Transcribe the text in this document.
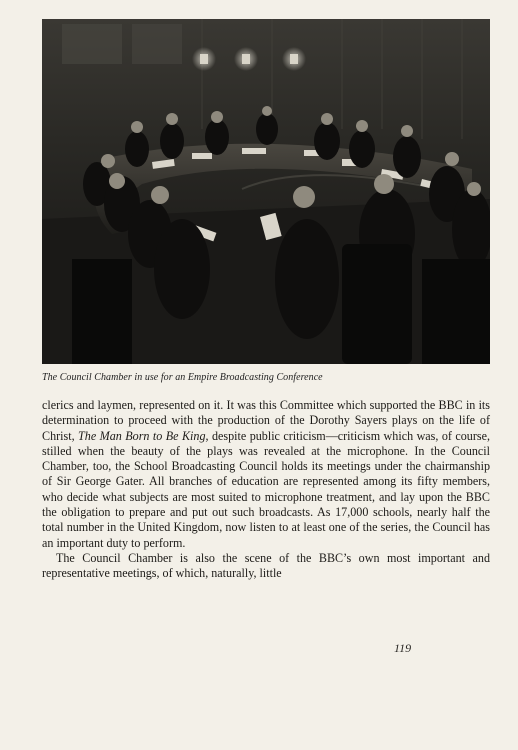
The Council Chamber in use for an Empire Broadcasting Conference

clerics and laymen, represented on it. It was this Committee which supported the BBC in its determination to proceed with the production of the Dorothy Sayers plays on the life of Christ, The Man Born to Be King, despite public criticism—criticism which was, of course, stilled when the beauty of the plays was revealed at the microphone. In the Council Chamber, too, the School Broadcasting Council holds its meetings under the chairmanship of Sir George Gater. All branches of education are represented among its fifty members, who decide what subjects are most suited to microphone treatment, and lay upon the BBC the obligation to prepare and put out such broadcasts. As 17,000 schools, nearly half the total number in the United Kingdom, now listen to at least one of the series, the Council has an important duty to perform.

The Council Chamber is also the scene of the BBC’s own most important and representative meetings, of which, naturally, little

119
